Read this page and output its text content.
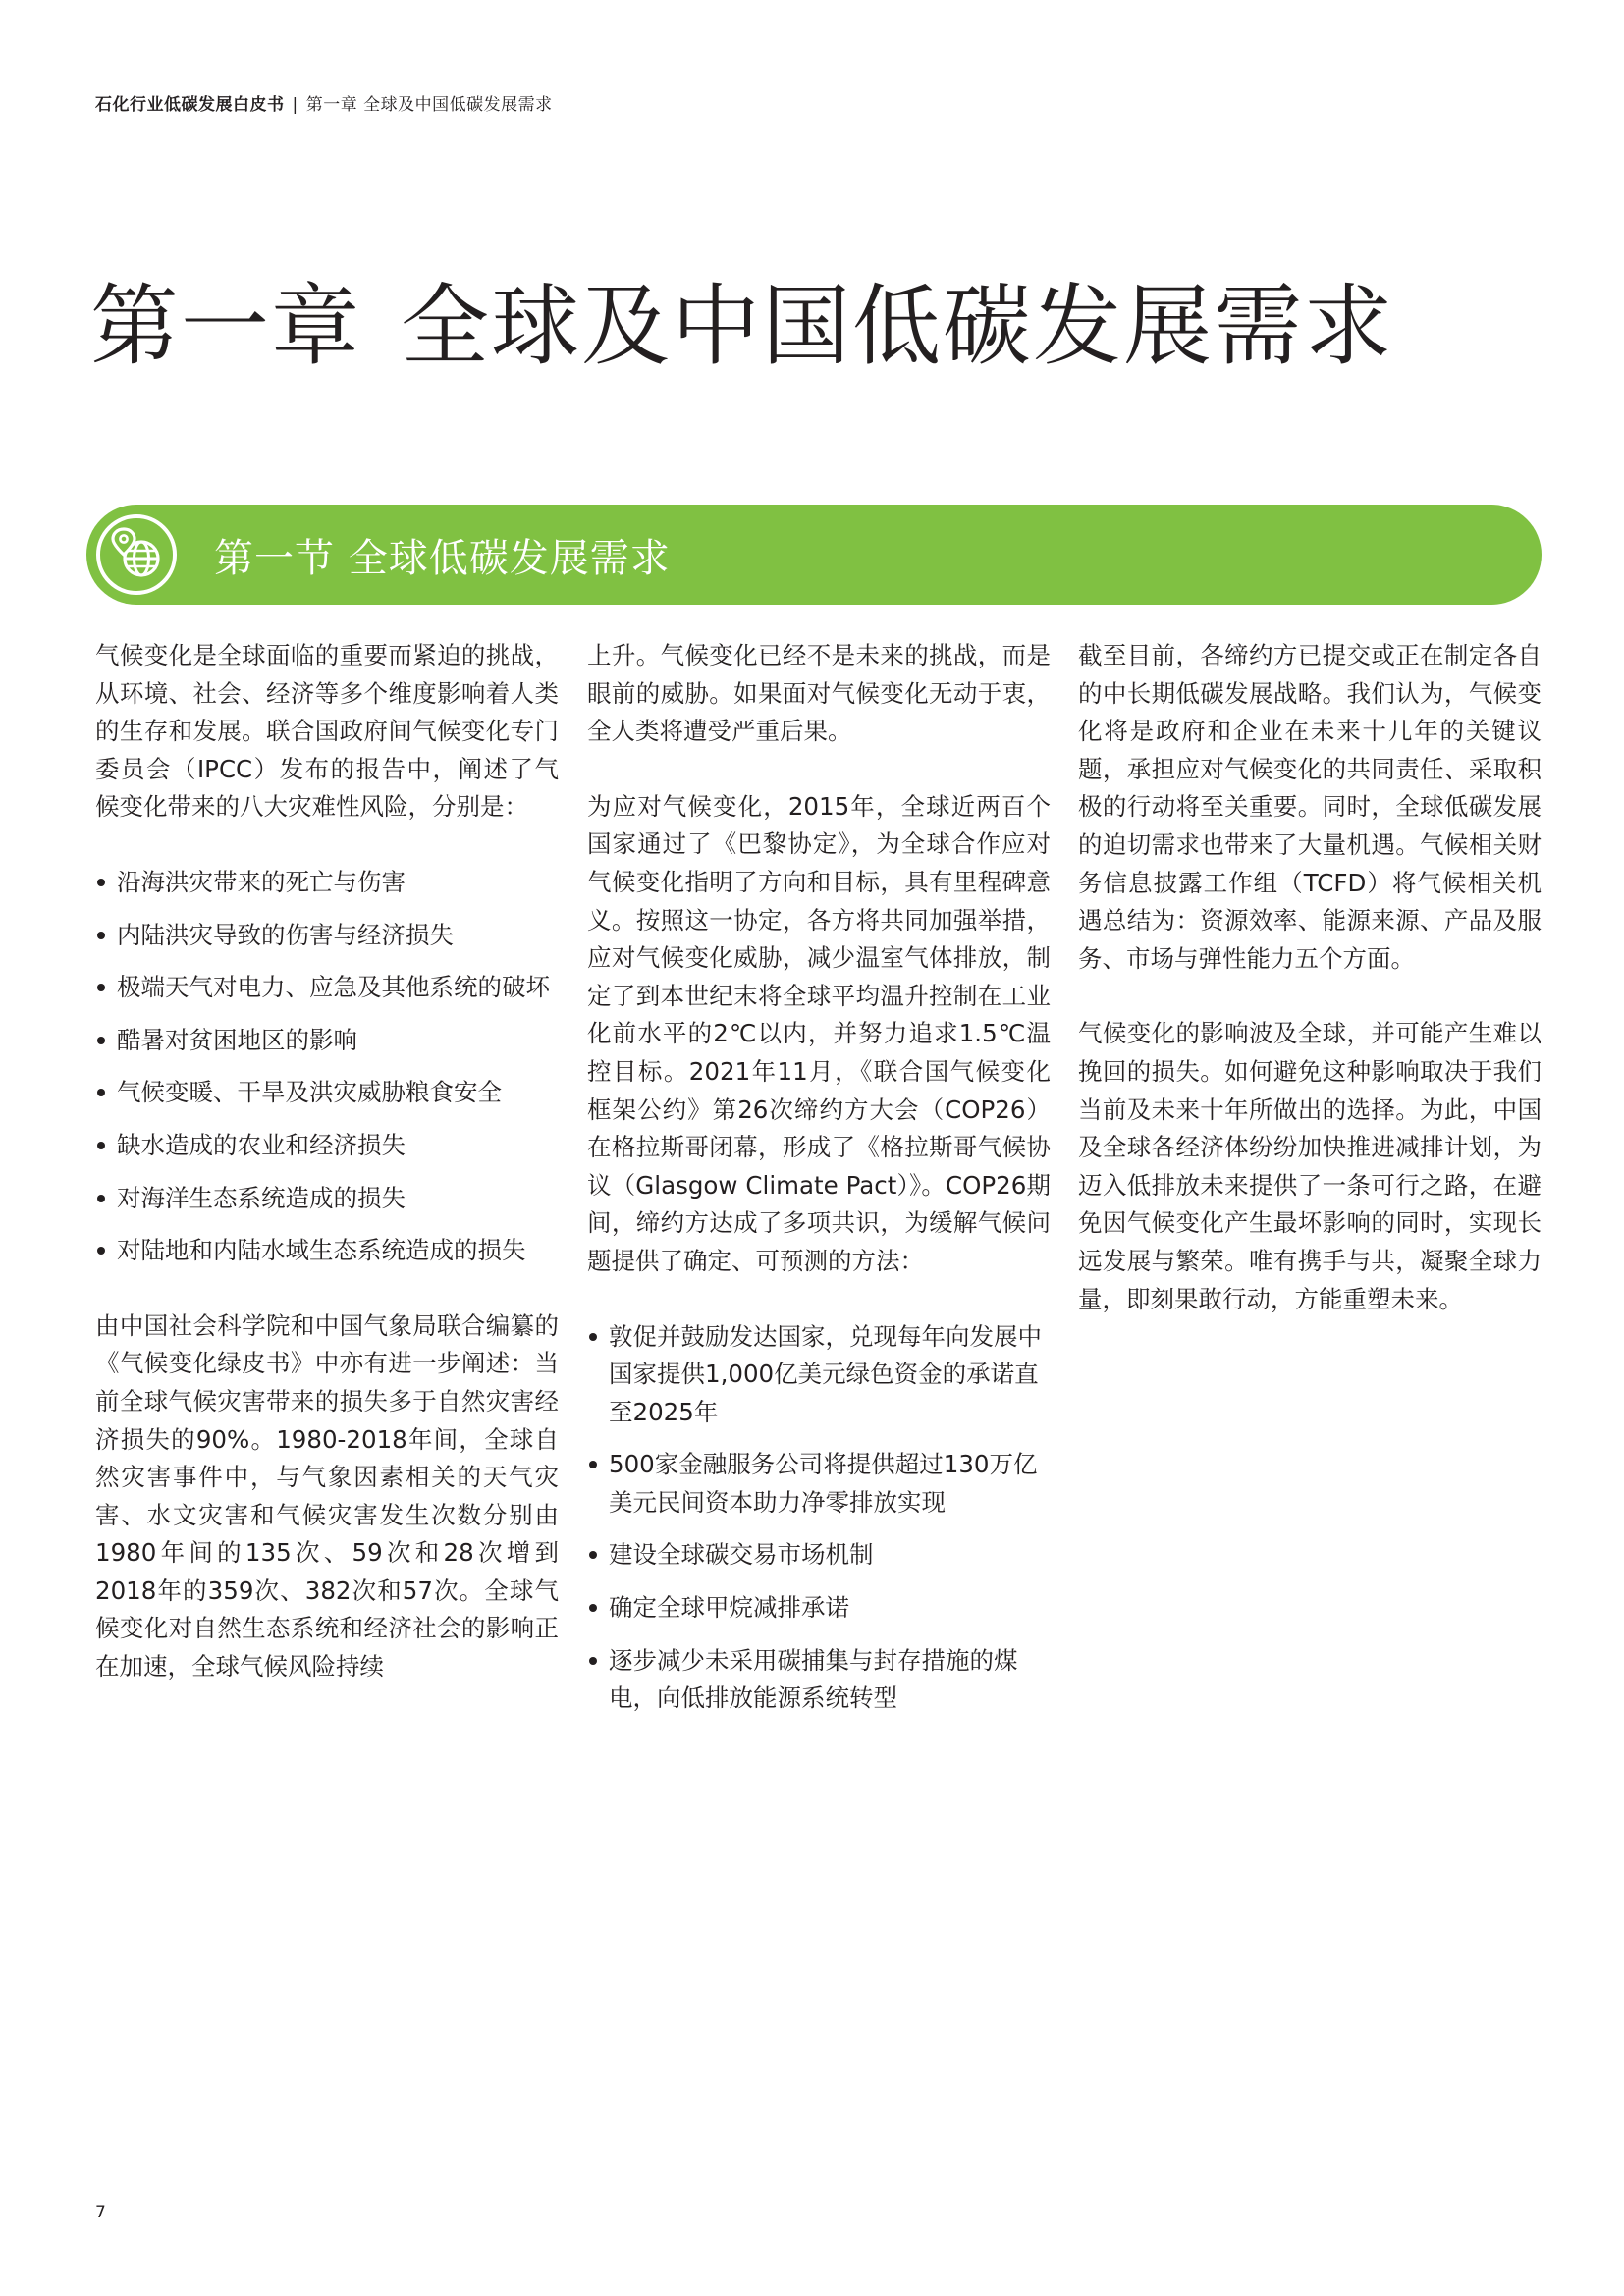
石化行业低碳发展白皮书 | 第一章 全球及中国低碳发展需求
第一章 全球及中国低碳发展需求
第一节 全球低碳发展需求

气候变化是全球面临的重要而紧迫的挑战，从环境、社会、经济等多个维度影响着人类的生存和发展。联合国政府间气候变化专门委员会（IPCC）发布的报告中，阐述了气候变化带来的八大灾难性风险，分别是：

沿海洪灾带来的死亡与伤害
内陆洪灾导致的伤害与经济损失
极端天气对电力、应急及其他系统的破坏
酷暑对贫困地区的影响
气候变暖、干旱及洪灾威胁粮食安全
缺水造成的农业和经济损失
对海洋生态系统造成的损失
对陆地和内陆水域生态系统造成的损失

由中国社会科学院和中国气象局联合编纂的《气候变化绿皮书》中亦有进一步阐述：当前全球气候灾害带来的损失多于自然灾害经济损失的90%。1980-2018年间，全球自然灾害事件中，与气象因素相关的天气灾害、水文灾害和气候灾害发生次数分别由1980年间的135次、59次和28次增到2018年的359次、382次和57次。全球气候变化对自然生态系统和经济社会的影响正在加速，全球气候风险持续

上升。气候变化已经不是未来的挑战，而是眼前的威胁。如果面对气候变化无动于衷，全人类将遭受严重后果。

为应对气候变化，2015年，全球近两百个国家通过了《巴黎协定》，为全球合作应对气候变化指明了方向和目标，具有里程碑意义。按照这一协定，各方将共同加强举措，应对气候变化威胁，减少温室气体排放，制定了到本世纪末将全球平均温升控制在工业化前水平的2℃以内，并努力追求1.5℃温控目标。2021年11月，《联合国气候变化框架公约》第26次缔约方大会（COP26）在格拉斯哥闭幕，形成了《格拉斯哥气候协议（Glasgow Climate Pact）》。COP26期间，缔约方达成了多项共识，为缓解气候问题提供了确定、可预测的方法：

敦促并鼓励发达国家，兑现每年向发展中国家提供1,000亿美元绿色资金的承诺直至2025年
500家金融服务公司将提供超过130万亿美元民间资本助力净零排放实现
建设全球碳交易市场机制
确定全球甲烷减排承诺
逐步减少未采用碳捕集与封存措施的煤电，向低排放能源系统转型

截至目前，各缔约方已提交或正在制定各自的中长期低碳发展战略。我们认为，气候变化将是政府和企业在未来十几年的关键议题，承担应对气候变化的共同责任、采取积极的行动将至关重要。同时，全球低碳发展的迫切需求也带来了大量机遇。气候相关财务信息披露工作组（TCFD）将气候相关机遇总结为：资源效率、能源来源、产品及服务、市场与弹性能力五个方面。

气候变化的影响波及全球，并可能产生难以挽回的损失。如何避免这种影响取决于我们当前及未来十年所做出的选择。为此，中国及全球各经济体纷纷加快推进减排计划，为迈入低排放未来提供了一条可行之路，在避免因气候变化产生最坏影响的同时，实现长远发展与繁荣。唯有携手与共，凝聚全球力量，即刻果敢行动，方能重塑未来。

7
